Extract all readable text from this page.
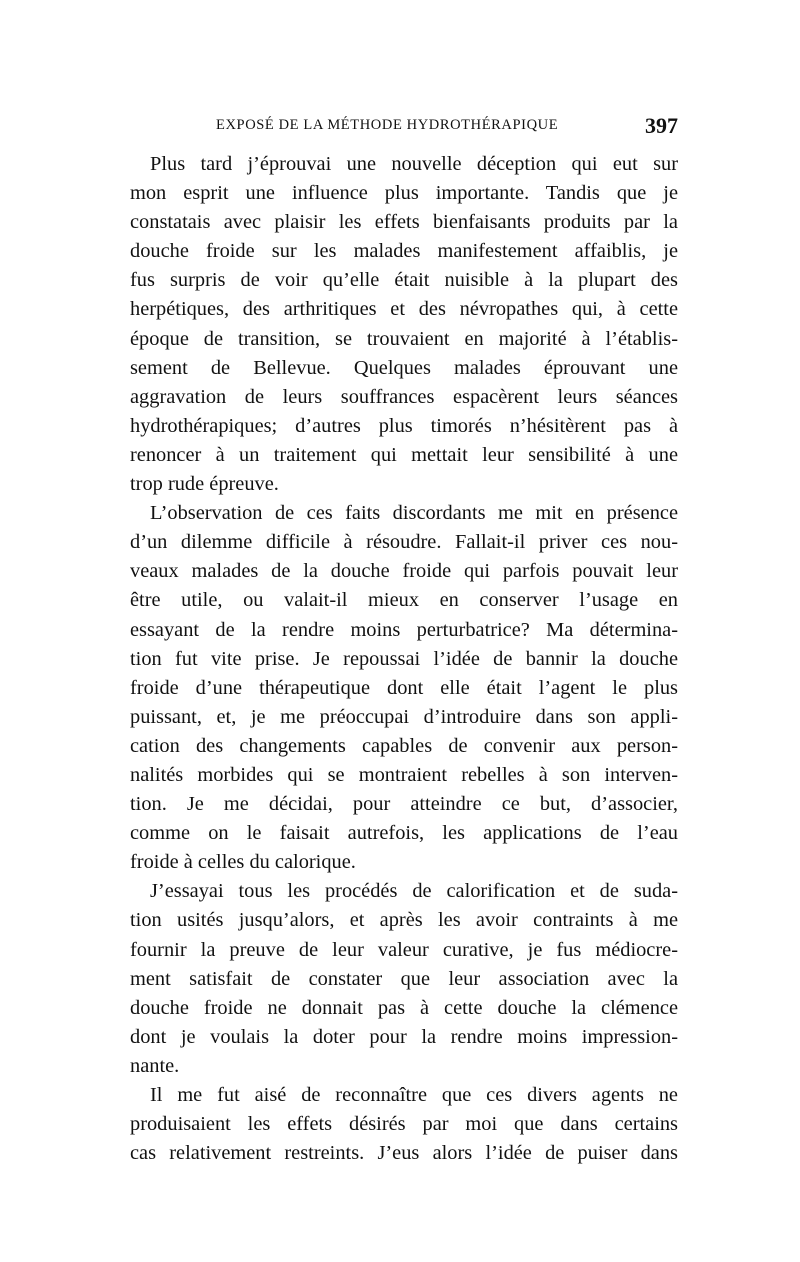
EXPOSÉ DE LA MÉTHODE HYDROTHÉRAPIQUE	397
Plus tard j’éprouvai une nouvelle déception qui eut sur
mon esprit une influence plus importante. Tandis que je
constatais avec plaisir les effets bienfaisants produits par la
douche froide sur les malades manifestement affaiblis, je
fus surpris de voir qu’elle était nuisible à la plupart des
herpétiques, des arthritiques et des névropathes qui, à cette
époque de transition, se trouvaient en majorité à l’établis-
sement de Bellevue. Quelques malades éprouvant une
aggravation de leurs souffrances espacèrent leurs séances
hydrothérapiques; d’autres plus timorés n’hésitèrent pas à
renoncer à un traitement qui mettait leur sensibilité à une
trop rude épreuve.
L’observation de ces faits discordants me mit en présence
d’un dilemme difficile à résoudre. Fallait-il priver ces nou-
veaux malades de la douche froide qui parfois pouvait leur
être utile, ou valait-il mieux en conserver l’usage en
essayant de la rendre moins perturbatrice? Ma détermina-
tion fut vite prise. Je repoussai l’idée de bannir la douche
froide d’une thérapeutique dont elle était l’agent le plus
puissant, et, je me préoccupai d’introduire dans son appli-
cation des changements capables de convenir aux person-
nalités morbides qui se montraient rebelles à son interven-
tion. Je me décidai, pour atteindre ce but, d’associer,
comme on le faisait autrefois, les applications de l’eau
froide à celles du calorique.
J’essayai tous les procédés de calorification et de suda-
tion usités jusqu’alors, et après les avoir contraints à me
fournir la preuve de leur valeur curative, je fus médiocre-
ment satisfait de constater que leur association avec la
douche froide ne donnait pas à cette douche la clémence
dont je voulais la doter pour la rendre moins impression-
nante.
Il me fut aisé de reconnaître que ces divers agents ne
produisaient les effets désirés par moi que dans certains
cas relativement restreints. J’eus alors l’idée de puiser dans
